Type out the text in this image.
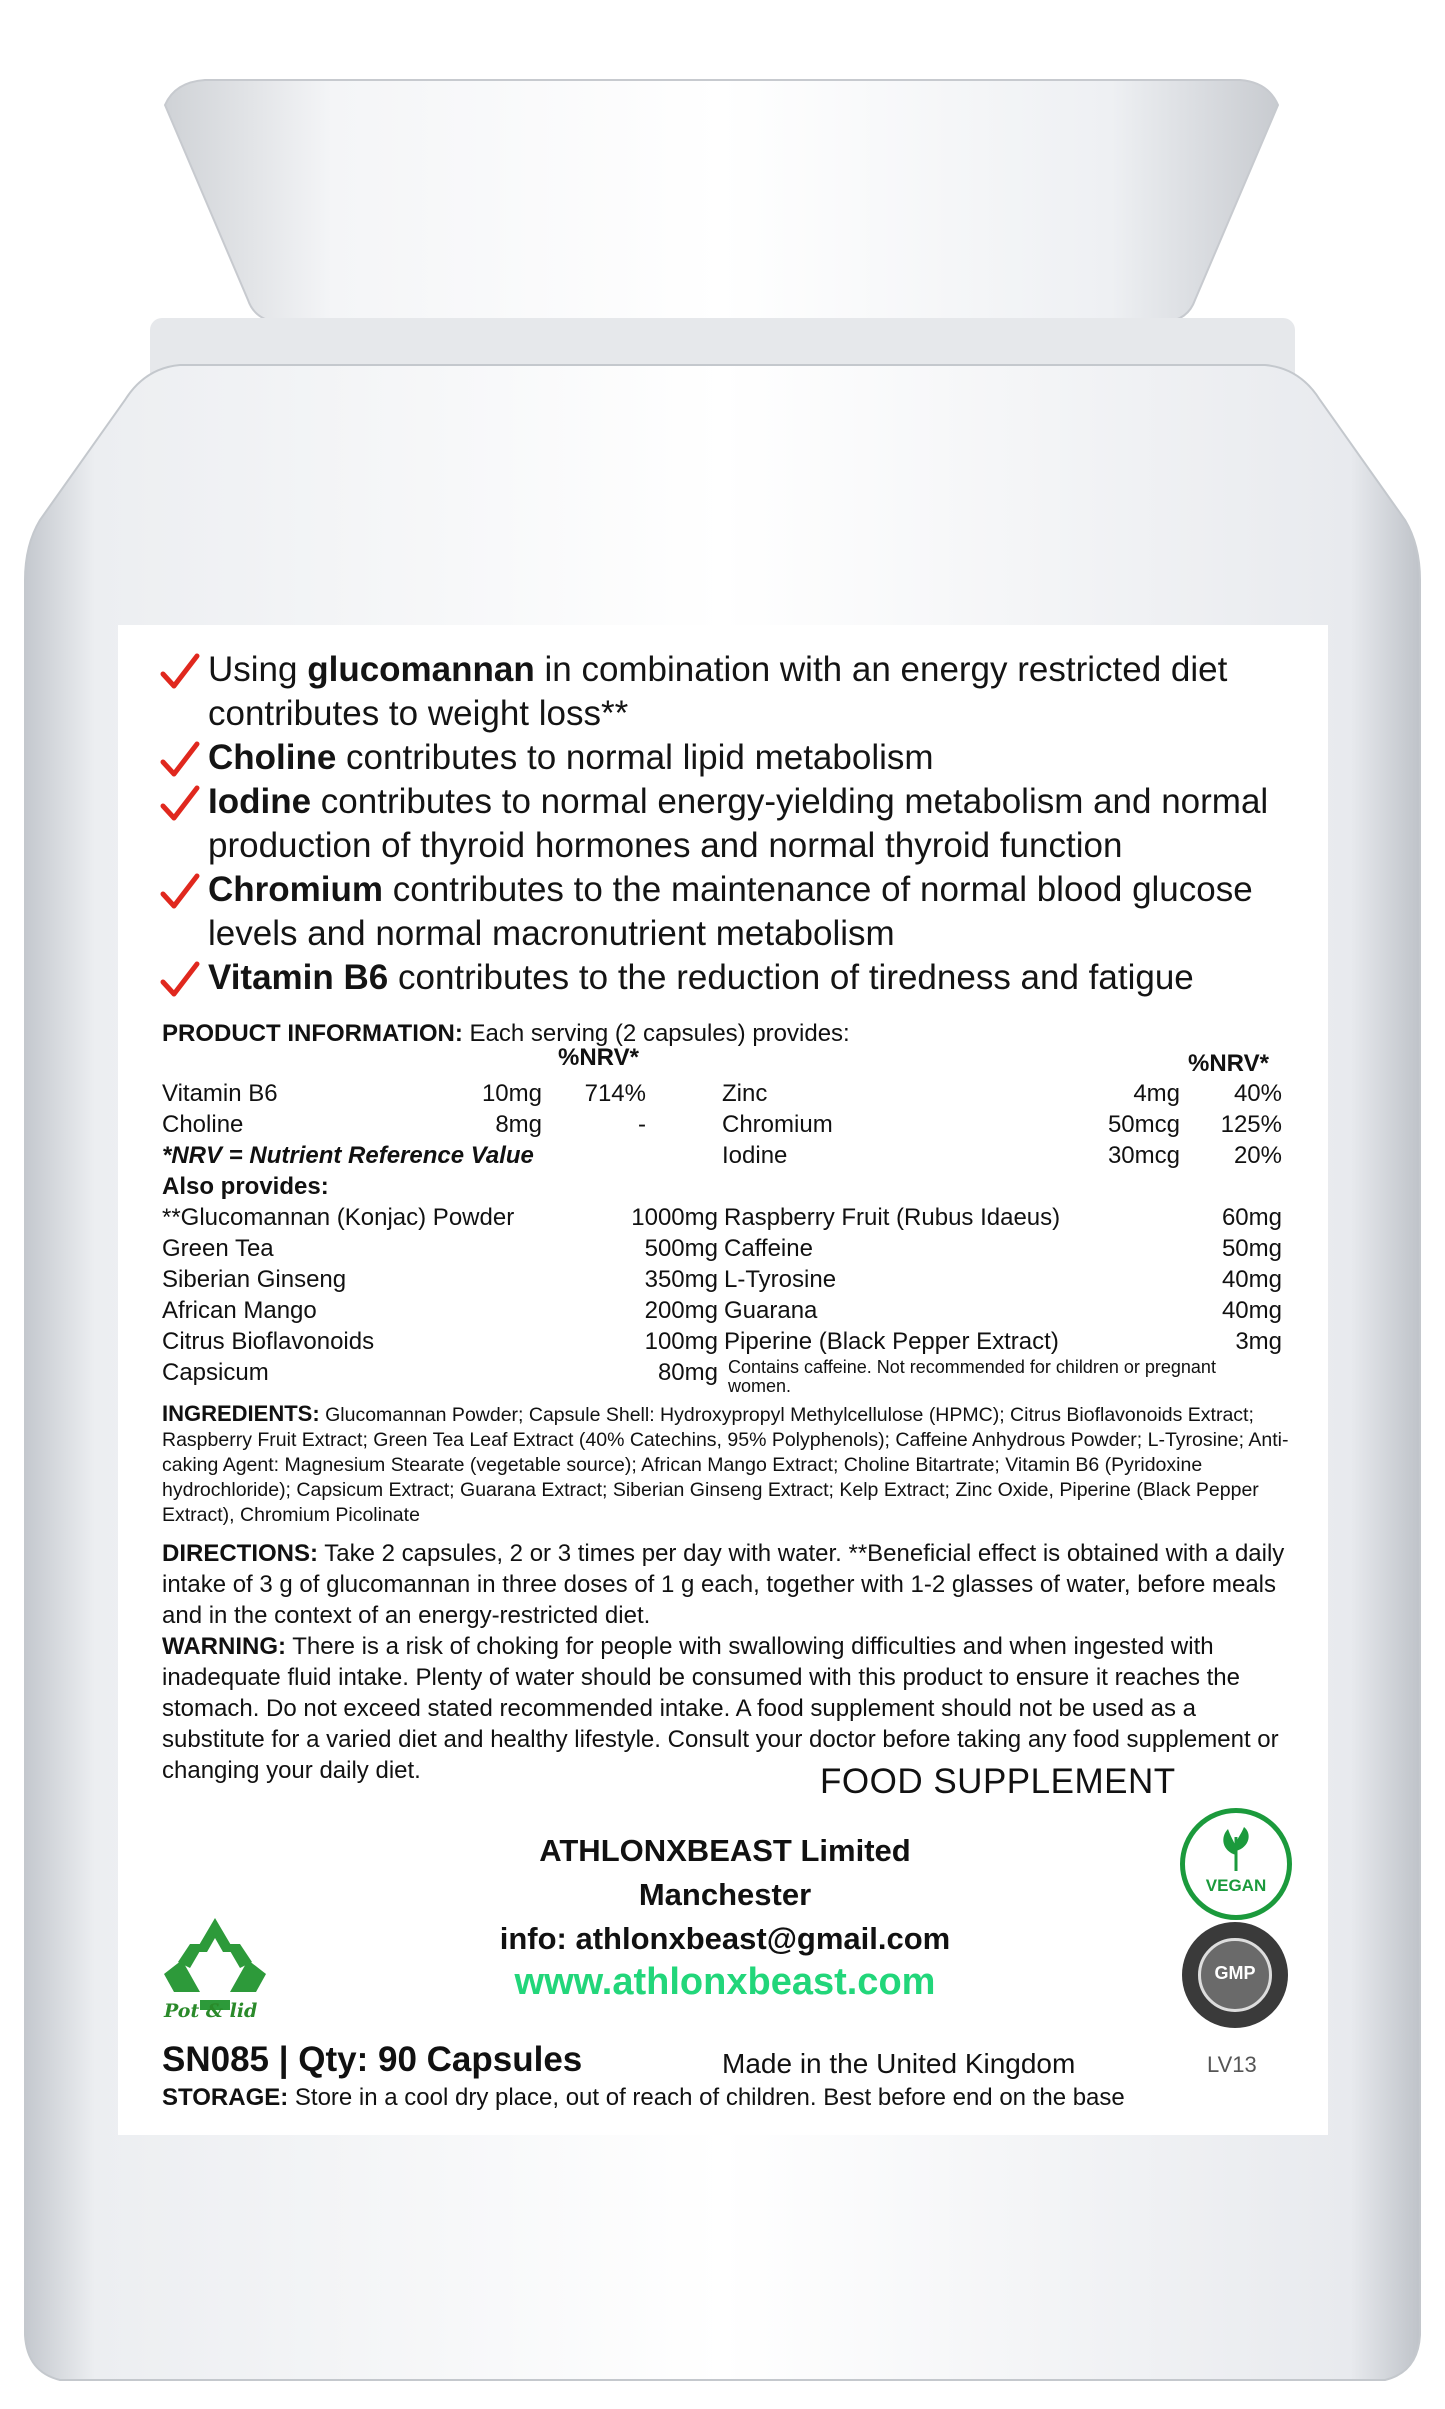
Using glucomannan in combination with an energy restricted diet contributes to weight loss**
Choline contributes to normal lipid metabolism
Iodine contributes to normal energy-yielding metabolism and normal production of thyroid hormones and normal thyroid function
Chromium contributes to the maintenance of normal blood glucose levels and normal macronutrient metabolism
Vitamin B6 contributes to the reduction of tiredness and fatigue
PRODUCT INFORMATION: Each serving (2 capsules) provides:
%NRV*	%NRV*
Vitamin B6	10mg	714%
Choline	8mg	-
*NRV = Nutrient Reference Value
Zinc	4mg	40%
Chromium	50mcg	125%
Iodine	30mcg	20%
Also provides:
**Glucomannan (Konjac) Powder	1000mg
Green Tea	500mg
Siberian Ginseng	350mg
African Mango	200mg
Citrus Bioflavonoids	100mg
Capsicum	80mg
Raspberry Fruit (Rubus Idaeus)	60mg
Caffeine	50mg
L-Tyrosine	40mg
Guarana	40mg
Piperine (Black Pepper Extract)	3mg
Contains caffeine. Not recommended for children or pregnant women.
INGREDIENTS: Glucomannan Powder; Capsule Shell: Hydroxypropyl Methylcellulose (HPMC); Citrus Bioflavonoids Extract; Raspberry Fruit Extract; Green Tea Leaf Extract (40% Catechins, 95% Polyphenols); Caffeine Anhydrous Powder; L-Tyrosine; Anti-caking Agent: Magnesium Stearate (vegetable source); African Mango Extract; Choline Bitartrate; Vitamin B6 (Pyridoxine hydrochloride); Capsicum Extract; Guarana Extract; Siberian Ginseng Extract; Kelp Extract; Zinc Oxide, Piperine (Black Pepper Extract), Chromium Picolinate
DIRECTIONS: Take 2 capsules, 2 or 3 times per day with water. **Beneficial effect is obtained with a daily intake of 3 g of glucomannan in three doses of 1 g each, together with 1-2 glasses of water, before meals and in the context of an energy-restricted diet.
WARNING: There is a risk of choking for people with swallowing difficulties and when ingested with inadequate fluid intake. Plenty of water should be consumed with this product to ensure it reaches the stomach. Do not exceed stated recommended intake. A food supplement should not be used as a substitute for a varied diet and healthy lifestyle. Consult your doctor before taking any food supplement or changing your daily diet.	FOOD SUPPLEMENT
ATHLONXBEAST Limited
Manchester
info: athlonxbeast@gmail.com
www.athlonxbeast.com
Pot & lid
VEGAN
GMP
SN085 | Qty: 90 Capsules	Made in the United Kingdom	LV13
STORAGE: Store in a cool dry place, out of reach of children. Best before end on the base
